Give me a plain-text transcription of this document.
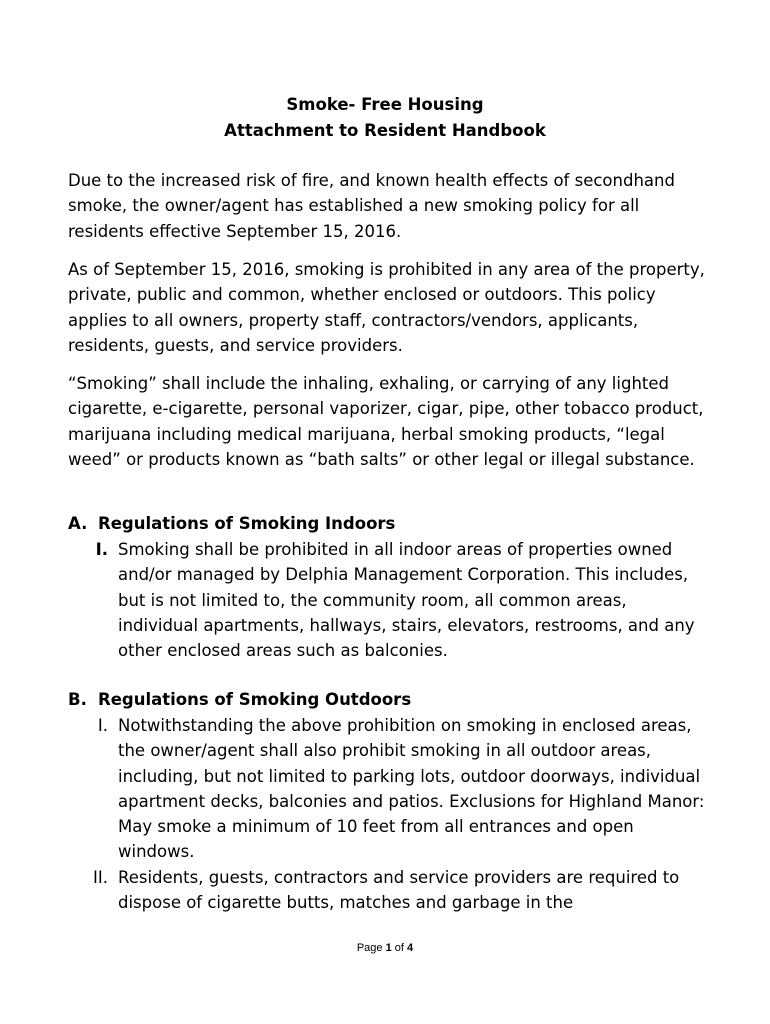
Smoke- Free Housing
Attachment to Resident Handbook
Due to the increased risk of fire, and known health effects of secondhand smoke, the owner/agent has established a new smoking policy for all residents effective September 15, 2016.
As of September 15, 2016, smoking is prohibited in any area of the property, private, public and common, whether enclosed or outdoors. This policy applies to all owners, property staff, contractors/vendors, applicants, residents, guests, and service providers.
“Smoking” shall include the inhaling, exhaling, or carrying of any lighted cigarette, e-cigarette, personal vaporizer, cigar, pipe, other tobacco product, marijuana including medical marijuana, herbal smoking products, “legal weed” or products known as “bath salts” or other legal or illegal substance.
A. Regulations of Smoking Indoors
I. Smoking shall be prohibited in all indoor areas of properties owned and/or managed by Delphia Management Corporation. This includes, but is not limited to, the community room, all common areas, individual apartments, hallways, stairs, elevators, restrooms, and any other enclosed areas such as balconies.
B. Regulations of Smoking Outdoors
I. Notwithstanding the above prohibition on smoking in enclosed areas, the owner/agent shall also prohibit smoking in all outdoor areas, including, but not limited to parking lots, outdoor doorways, individual apartment decks, balconies and patios. Exclusions for Highland Manor: May smoke a minimum of 10 feet from all entrances and open windows.
II. Residents, guests, contractors and service providers are required to dispose of cigarette butts, matches and garbage in the
Page 1 of 4
